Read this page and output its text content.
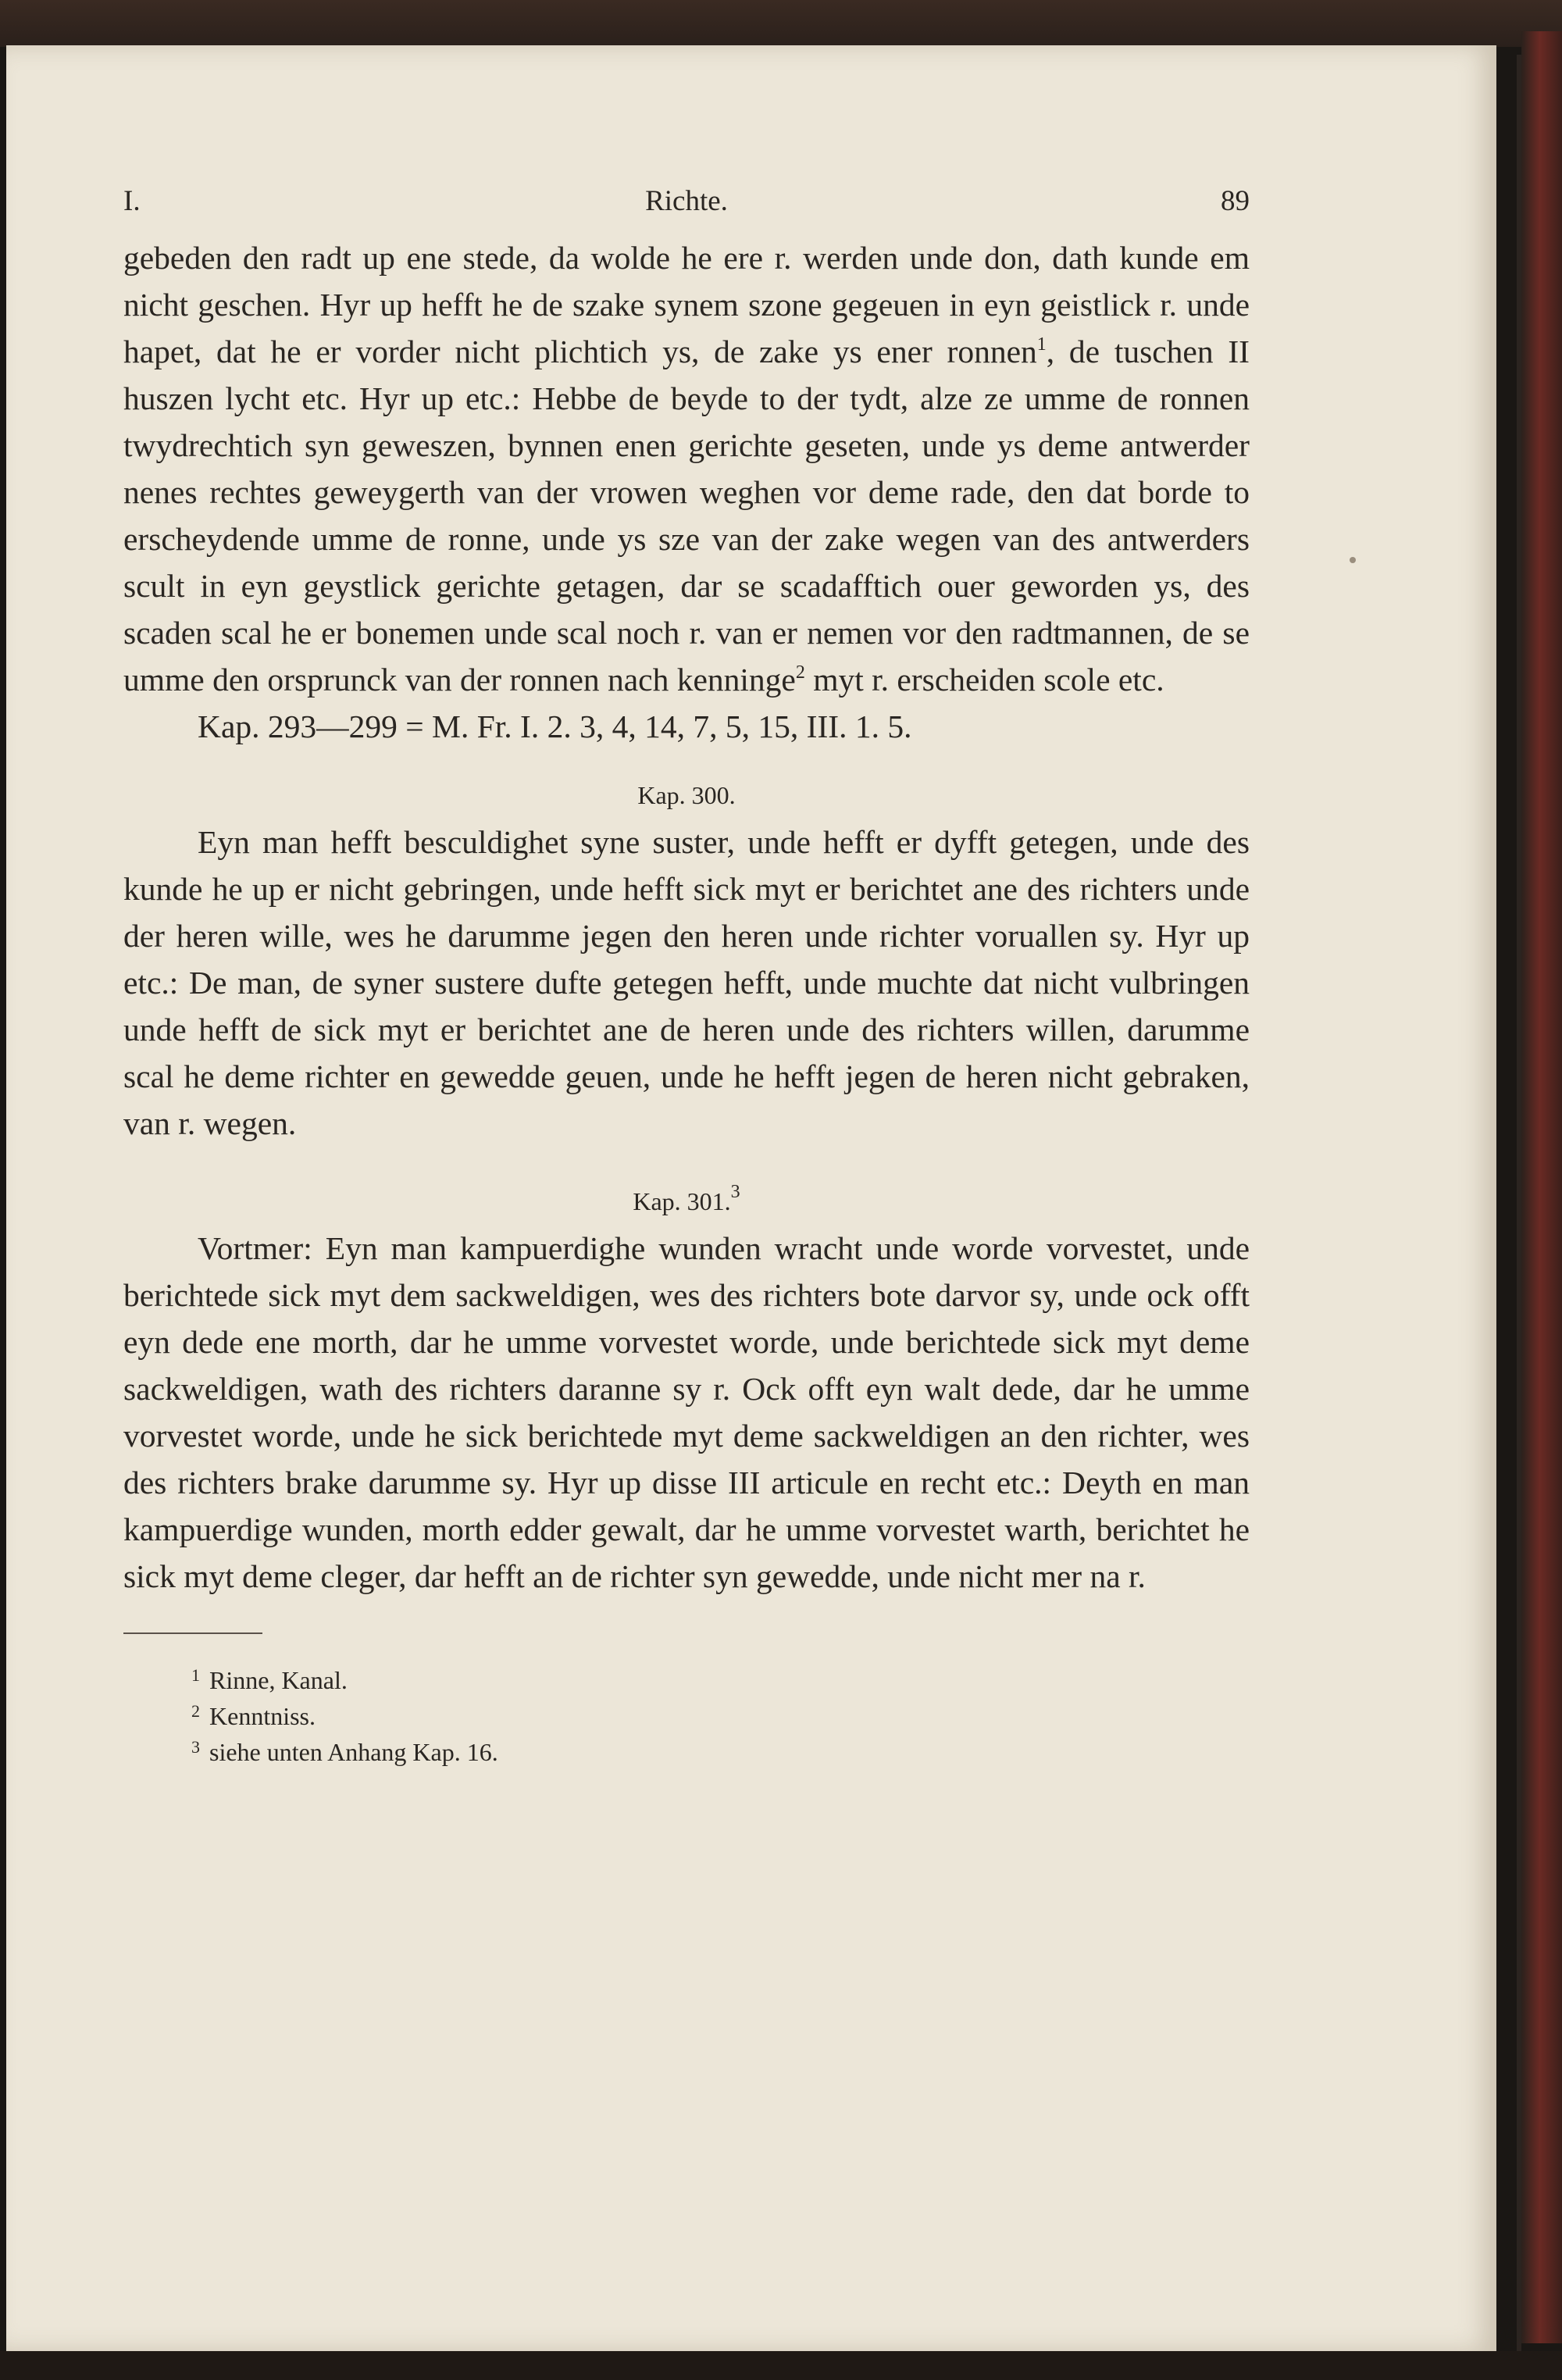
I.	Richte.	89

gebeden den radt up ene stede, da wolde he ere r. werden unde don, dath kunde em nicht geschen. Hyr up hefft he de szake synem szone gegeuen in eyn geistlick r. unde hapet, dat he er vorder nicht plichtich ys, de zake ys ener ronnen$^1$, de tuschen II huszen lycht etc. Hyr up etc.: Hebbe de beyde to der tydt, alze ze umme de ronnen twydrechtich syn geweszen, bynnen enen gerichte geseten, unde ys deme antwerder nenes rechtes geweygerth van der vrowen weghen vor deme rade, den dat borde to erscheydende umme de ronne, unde ys sze van der zake wegen van des antwerders scult in eyn geystlick gerichte getagen, dar se scadafftich ouer geworden ys, des scaden scal he er bonemen unde scal noch r. van er nemen vor den radtmannen, de se umme den orsprunck van der ronnen nach kenninge$^2$ myt r. erscheiden scole etc.

Kap. 293—299 = M. Fr. I. 2. 3, 4, 14, 7, 5, 15, III. 1. 5.

Kap. 300.

Eyn man hefft besculdighet syne suster, unde hefft er dyfft getegen, unde des kunde he up er nicht gebringen, unde hefft sick myt er berichtet ane des richters unde der heren wille, wes he darumme jegen den heren unde richter voruallen sy. Hyr up etc.: De man, de syner sustere dufte getegen hefft, unde muchte dat nicht vulbringen unde hefft de sick myt er berichtet ane de heren unde des richters willen, darumme scal he deme richter en gewedde geuen, unde he hefft jegen de heren nicht gebraken, van r. wegen.

Kap. 301.$^3$

Vortmer: Eyn man kampuerdighe wunden wracht unde worde vorvestet, unde berichtede sick myt dem sackweldigen, wes des richters bote darvor sy, unde ock offt eyn dede ene morth, dar he umme vorvestet worde, unde berichtede sick myt deme sackweldigen, wath des richters daranne sy r. Ock offt eyn walt dede, dar he umme vorvestet worde, unde he sick berichtede myt deme sackweldigen an den richter, wes des richters brake darumme sy. Hyr up disse III articule en recht etc.: Deyth en man kampuerdige wunden, morth edder gewalt, dar he umme vorvestet warth, berichtet he sick myt deme cleger, dar hefft an de richter syn gewedde, unde nicht mer na r.

1 Rinne, Kanal.
2 Kenntniss.
3 siehe unten Anhang Kap. 16.
